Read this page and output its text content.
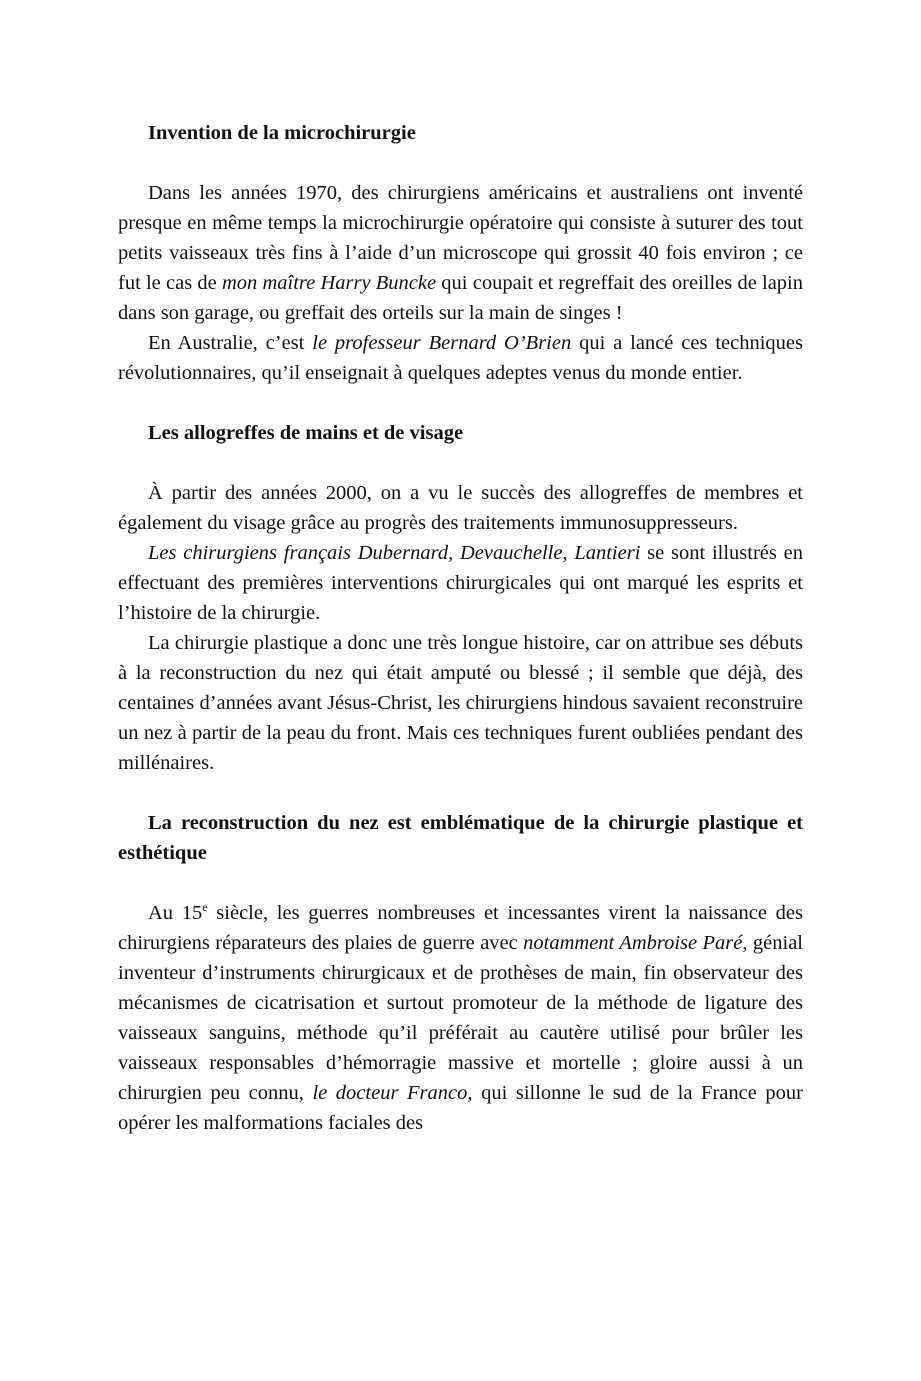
Invention de la microchirurgie

Dans les années 1970, des chirurgiens américains et australiens ont inventé presque en même temps la microchirurgie opératoire qui consiste à suturer des tout petits vaisseaux très fins à l’aide d’un microscope qui grossit 40 fois environ ; ce fut le cas de mon maître Harry Buncke qui coupait et regreffait des oreilles de lapin dans son garage, ou greffait des orteils sur la main de singes !

En Australie, c’est le professeur Bernard O’Brien qui a lancé ces techniques révolutionnaires, qu’il enseignait à quelques adeptes venus du monde entier.

Les allogreffes de mains et de visage

À partir des années 2000, on a vu le succès des allogreffes de membres et également du visage grâce au progrès des traitements immunosuppresseurs.

Les chirurgiens français Dubernard, Devauchelle, Lantieri se sont illustrés en effectuant des premières interventions chirurgicales qui ont marqué les esprits et l’histoire de la chirurgie.

La chirurgie plastique a donc une très longue histoire, car on attribue ses débuts à la reconstruction du nez qui était amputé ou blessé ; il semble que déjà, des centaines d’années avant Jésus-Christ, les chirurgiens hindous savaient reconstruire un nez à partir de la peau du front. Mais ces techniques furent oubliées pendant des millénaires.

La reconstruction du nez est emblématique de la chirurgie plastique et esthétique

Au 15e siècle, les guerres nombreuses et incessantes virent la naissance des chirurgiens réparateurs des plaies de guerre avec notamment Ambroise Paré, génial inventeur d’instruments chirurgicaux et de prothèses de main, fin observateur des mécanismes de cicatrisation et surtout promoteur de la méthode de ligature des vaisseaux sanguins, méthode qu’il préférait au cautère utilisé pour brûler les vaisseaux responsables d’hémorragie massive et mortelle ; gloire aussi à un chirurgien peu connu, le docteur Franco, qui sillonne le sud de la France pour opérer les malformations faciales des
